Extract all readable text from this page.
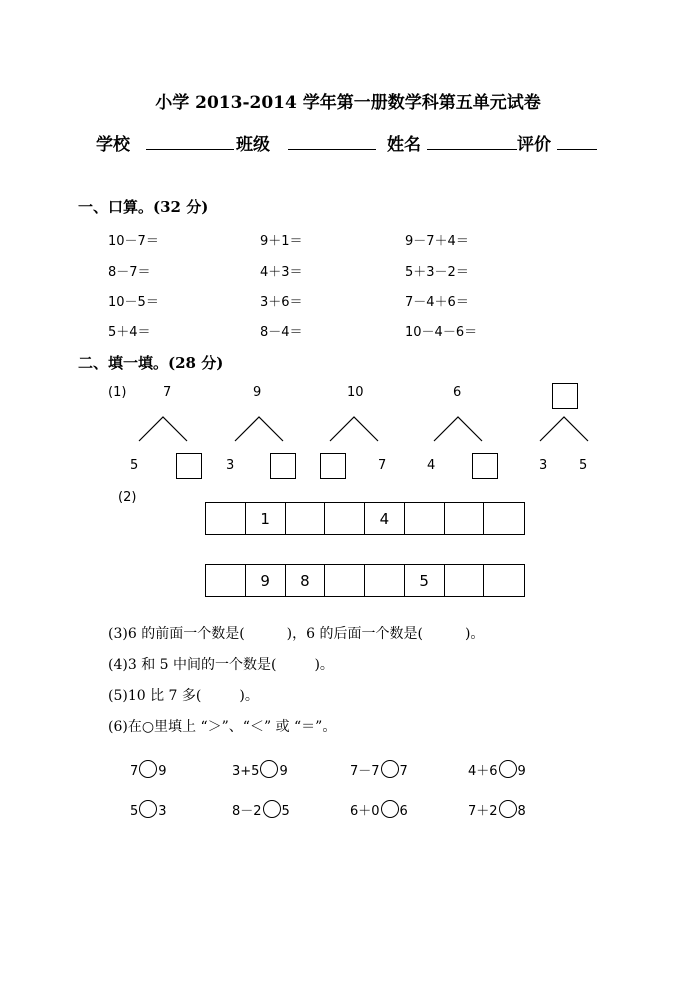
小学 2013-2014 学年第一册数学科第五单元试卷
学校	班级	姓名	评价
一、口算。(32 分)
10－7＝	9＋1＝	9－7＋4＝
8－7＝	4＋3＝	5＋3－2＝
10－5＝	3＋6＝	7－4＋6＝
5＋4＝	8－4＝	10－4－6＝
二、填一填。(28 分)
(1)	7
5
9
3
10
7
6
4	3 5
(2)
1	4
9	8	5
(3)6 的前面一个数是(	)，6 的后面一个数是(	)。
(4)3 和 5 中间的一个数是(	)。
(5)10 比 7 多(	)。
(6)在○里填上 “＞”、“＜” 或 “＝”。
7 9	3+5 9	7－7 7	4＋6 9
5 3	8－2 5	6＋0 6	7＋2 8
